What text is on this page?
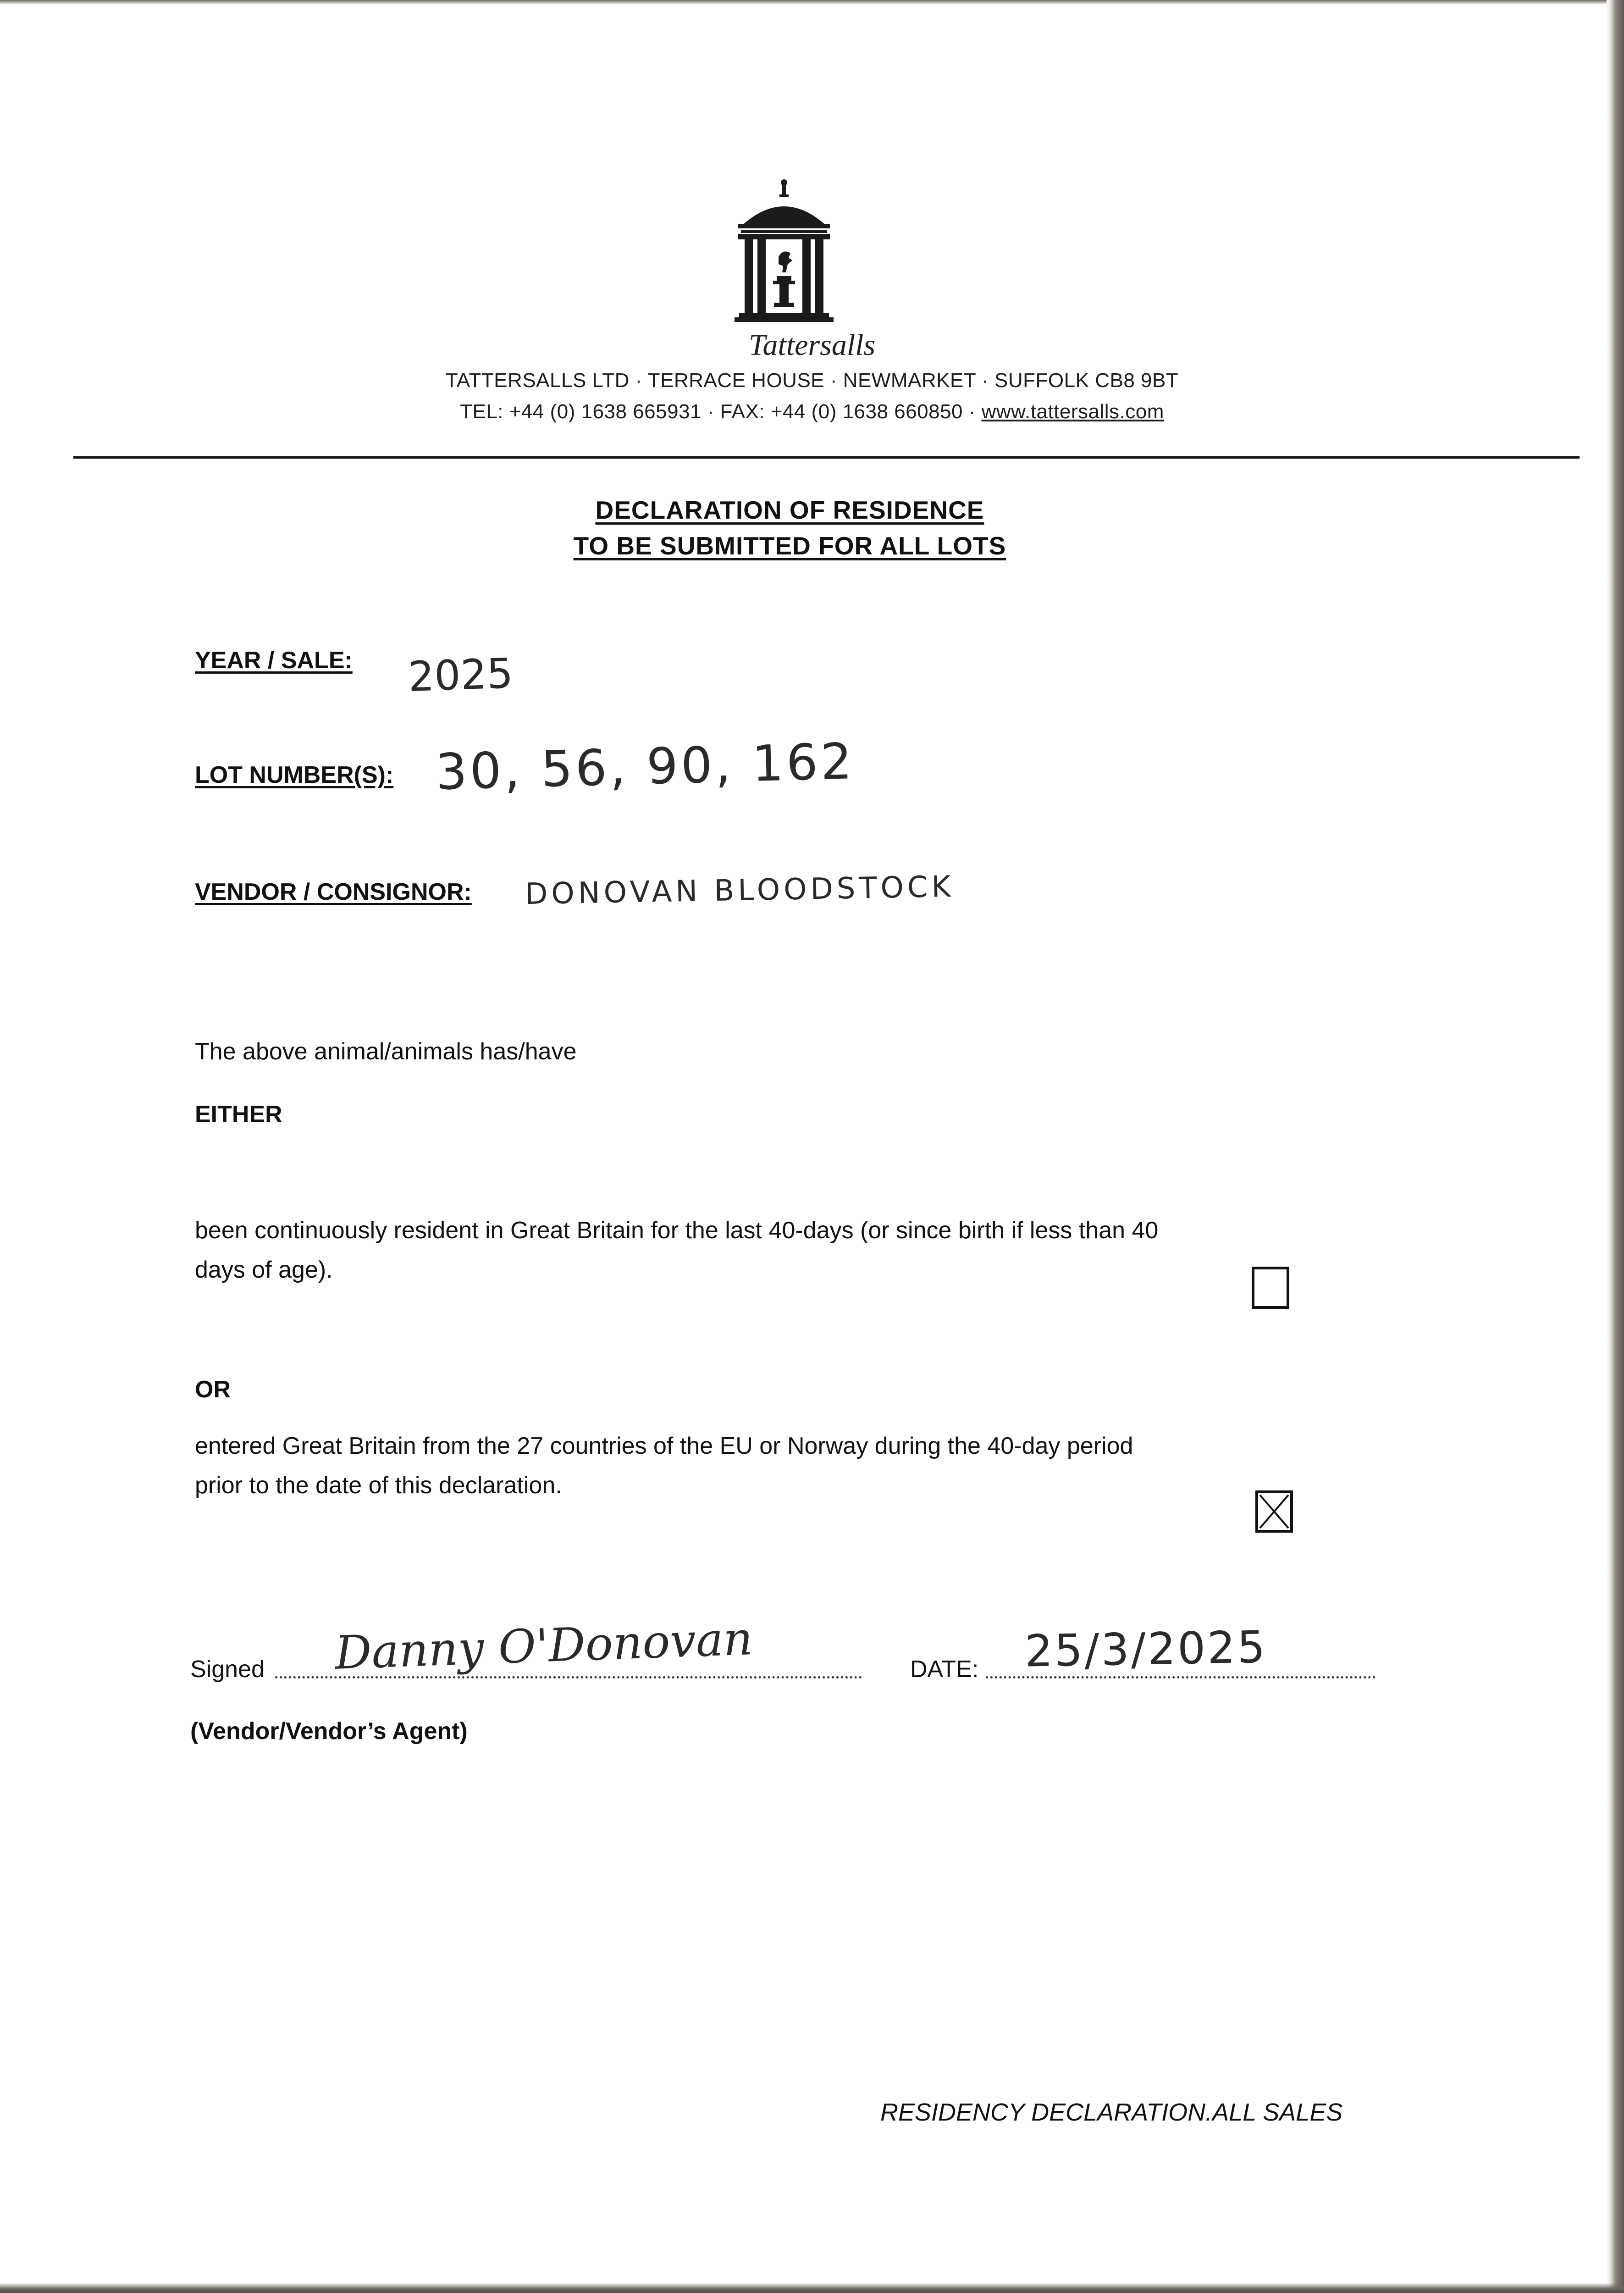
Tattersalls
TATTERSALLS LTD · TERRACE HOUSE · NEWMARKET · SUFFOLK CB8 9BT
TEL: +44 (0) 1638 665931 · FAX: +44 (0) 1638 660850 · www.tattersalls.com
DECLARATION OF RESIDENCE
TO BE SUBMITTED FOR ALL LOTS
YEAR / SALE: 2025
LOT NUMBER(S): 30, 56, 90, 162
VENDOR / CONSIGNOR: DONOVAN BLOODSTOCK
The above animal/animals has/have
EITHER
been continuously resident in Great Britain for the last 40-days (or since birth if less than 40
days of age).
OR
entered Great Britain from the 27 countries of the EU or Norway during the 40-day period
prior to the date of this declaration.
Signed Danny O'Donovan	DATE: 25/3/2025
(Vendor/Vendor’s Agent)
RESIDENCY DECLARATION.ALL SALES
